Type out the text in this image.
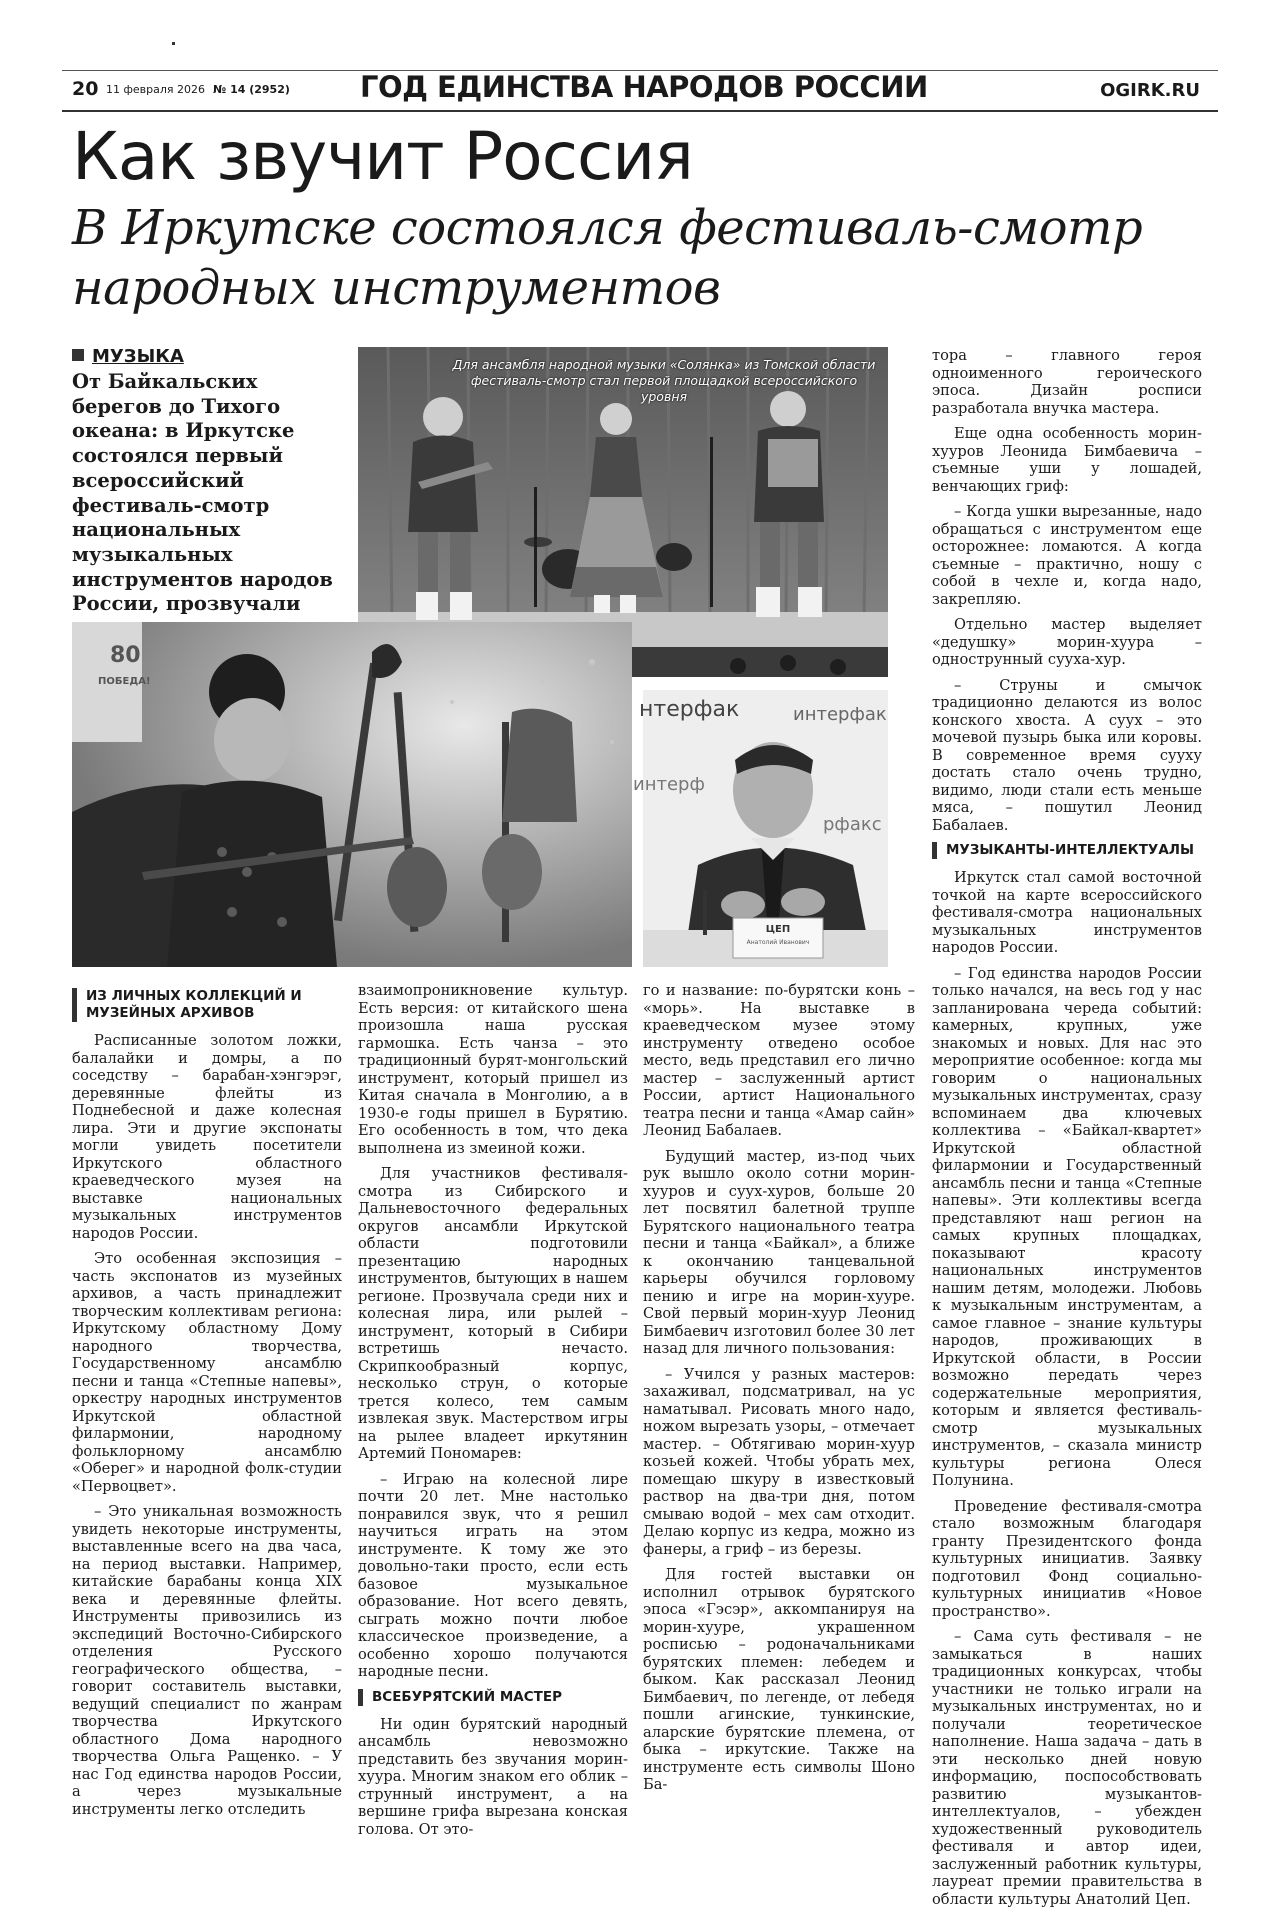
20 11 февраля 2026 № 14 (2952) ГОД ЕДИНСТВА НАРОДОВ РОССИИ	OGIRK.RU
Как звучит Россия
В Иркутске состоялся фестиваль-смотр народных инструментов
МУЗЫКА
От Байкальских берегов до Тихого океана: в Иркутске состоялся первый всероссийский фестиваль-смотр национальных музыкальных инструментов народов России, прозвучали
Для ансамбля народной музыки «Солянка» из Томской области фестиваль-смотр стал первой площадкой всероссийского уровня
80
ПОБЕДА!
нтерфак	интерфак
интерф
рфакс
ЦЕП
Анатолий Иванович
ИЗ ЛИЧНЫХ КОЛЛЕКЦИЙ И МУЗЕЙНЫХ АРХИВОВ

Расписанные золотом ложки, балалайки и домры, а по соседству – барабан-хэнгэрэг, деревянные флейты из Поднебесной и даже колесная лира. Эти и другие экспонаты могли увидеть посетители Иркутского областного краеведческого музея на выставке национальных музыкальных инструментов народов России.

Это особенная экспозиция – часть экспонатов из музейных архивов, а часть принадлежит творческим коллективам региона: Иркутскому областному Дому народного творчества, Государственному ансамблю песни и танца «Степные напевы», оркестру народных инструментов Иркутской областной филармонии, народному фольклорному ансамблю «Оберег» и народной фолк-студии «Первоцвет».

– Это уникальная возможность увидеть некоторые инструменты, выставленные всего на два часа, на период выставки. Например, китайские барабаны конца XIX века и деревянные флейты. Инструменты привозились из экспедиций Восточно-Сибирского отделения Русского географического общества, – говорит составитель выставки, ведущий специалист по жанрам творчества Иркутского областного Дома народного творчества Ольга Ращенко. – У нас Год единства народов России, а через музыкальные инструменты легко отследить

взаимопроникновение культур. Есть версия: от китайского шена произошла наша русская гармошка. Есть чанза – это традиционный бурят-монгольский инструмент, который пришел из Китая сначала в Монголию, а в 1930-е годы пришел в Бурятию. Его особенность в том, что дека выполнена из змеиной кожи.

Для участников фестиваля-смотра из Сибирского и Дальневосточного федеральных округов ансамбли Иркутской области подготовили презентацию народных инструментов, бытующих в нашем регионе. Прозвучала среди них и колесная лира, или рылей – инструмент, который в Сибири встретишь нечасто. Скрипкообразный корпус, несколько струн, о которые трется колесо, тем самым извлекая звук. Мастерством игры на рылее владеет иркутянин Артемий Пономарев:

– Играю на колесной лире почти 20 лет. Мне настолько понравился звук, что я решил научиться играть на этом инструменте. К тому же это довольно-таки просто, если есть базовое музыкальное образование. Нот всего девять, сыграть можно почти любое классическое произведение, а особенно хорошо получаются народные песни.

ВСЕБУРЯТСКИЙ МАСТЕР

Ни один бурятский народный ансамбль невозможно представить без звучания морин-хуура. Многим знаком его облик – струнный инструмент, а на вершине грифа вырезана конская голова. От это-

го и название: по-бурятски конь – «морь». На выставке в краеведческом музее этому инструменту отведено особое место, ведь представил его лично мастер – заслуженный артист России, артист Национального театра песни и танца «Амар сайн» Леонид Бабалаев.

Будущий мастер, из-под чьих рук вышло около сотни морин-хууров и суух-хуров, больше 20 лет посвятил балетной труппе Бурятского национального театра песни и танца «Байкал», а ближе к окончанию танцевальной карьеры обучился горловому пению и игре на морин-хууре. Свой первый морин-хуур Леонид Бимбаевич изготовил более 30 лет назад для личного пользования:

– Учился у разных мастеров: захаживал, подсматривал, на ус наматывал. Рисовать много надо, ножом вырезать узоры, – отмечает мастер. – Обтягиваю морин-хуур козьей кожей. Чтобы убрать мех, помещаю шкуру в известковый раствор на два-три дня, потом смываю водой – мех сам отходит. Делаю корпус из кедра, можно из фанеры, а гриф – из березы.

Для гостей выставки он исполнил отрывок бурятского эпоса «Гэсэр», аккомпанируя на морин-хууре, украшенном росписью – родоначальниками бурятских племен: лебедем и быком. Как рассказал Леонид Бимбаевич, по легенде, от лебедя пошли агинские, тункинские, аларские бурятские племена, от быка – иркутские. Также на инструменте есть символы Шоно Ба-

тора – главного героя одноименного героического эпоса. Дизайн росписи разработала внучка мастера.

Еще одна особенность морин-хууров Леонида Бимбаевича – съемные уши у лошадей, венчающих гриф:

– Когда ушки вырезанные, надо обращаться с инструментом еще осторожнее: ломаются. А когда съемные – практично, ношу с собой в чехле и, когда надо, закрепляю.

Отдельно мастер выделяет «дедушку» морин-хуура – однострунный сууха-хур.

– Струны и смычок традиционно делаются из волос конского хвоста. А суух – это мочевой пузырь быка или коровы. В современное время сууху достать стало очень трудно, видимо, люди стали есть меньше мяса, – пошутил Леонид Бабалаев.

МУЗЫКАНТЫ-ИНТЕЛЛЕКТУАЛЫ

Иркутск стал самой восточной точкой на карте всероссийского фестиваля-смотра национальных музыкальных инструментов народов России.

– Год единства народов России только начался, на весь год у нас запланирована череда событий: камерных, крупных, уже знакомых и новых. Для нас это мероприятие особенное: когда мы говорим о национальных музыкальных инструментах, сразу вспоминаем два ключевых коллектива – «Байкал-квартет» Иркутской областной филармонии и Государственный ансамбль песни и танца «Степные напевы». Эти коллективы всегда представляют наш регион на самых крупных площадках, показывают красоту национальных инструментов нашим детям, молодежи. Любовь к музыкальным инструментам, а самое главное – знание культуры народов, проживающих в Иркутской области, в России возможно передать через содержательные мероприятия, которым и является фестиваль-смотр музыкальных инструментов, – сказала министр культуры региона Олеся Полунина.

Проведение фестиваля-смотра стало возможным благодаря гранту Президентского фонда культурных инициатив. Заявку подготовил Фонд социально-культурных инициатив «Новое пространство».

– Сама суть фестиваля – не замыкаться в наших традиционных конкурсах, чтобы участники не только играли на музыкальных инструментах, но и получали теоретическое наполнение. Наша задача – дать в эти несколько дней новую информацию, поспособствовать развитию музыкантов-интеллектуалов, – убежден художественный руководитель фестиваля и автор идеи, заслуженный работник культуры, лауреат премии правительства в области культуры Анатолий Цеп.
